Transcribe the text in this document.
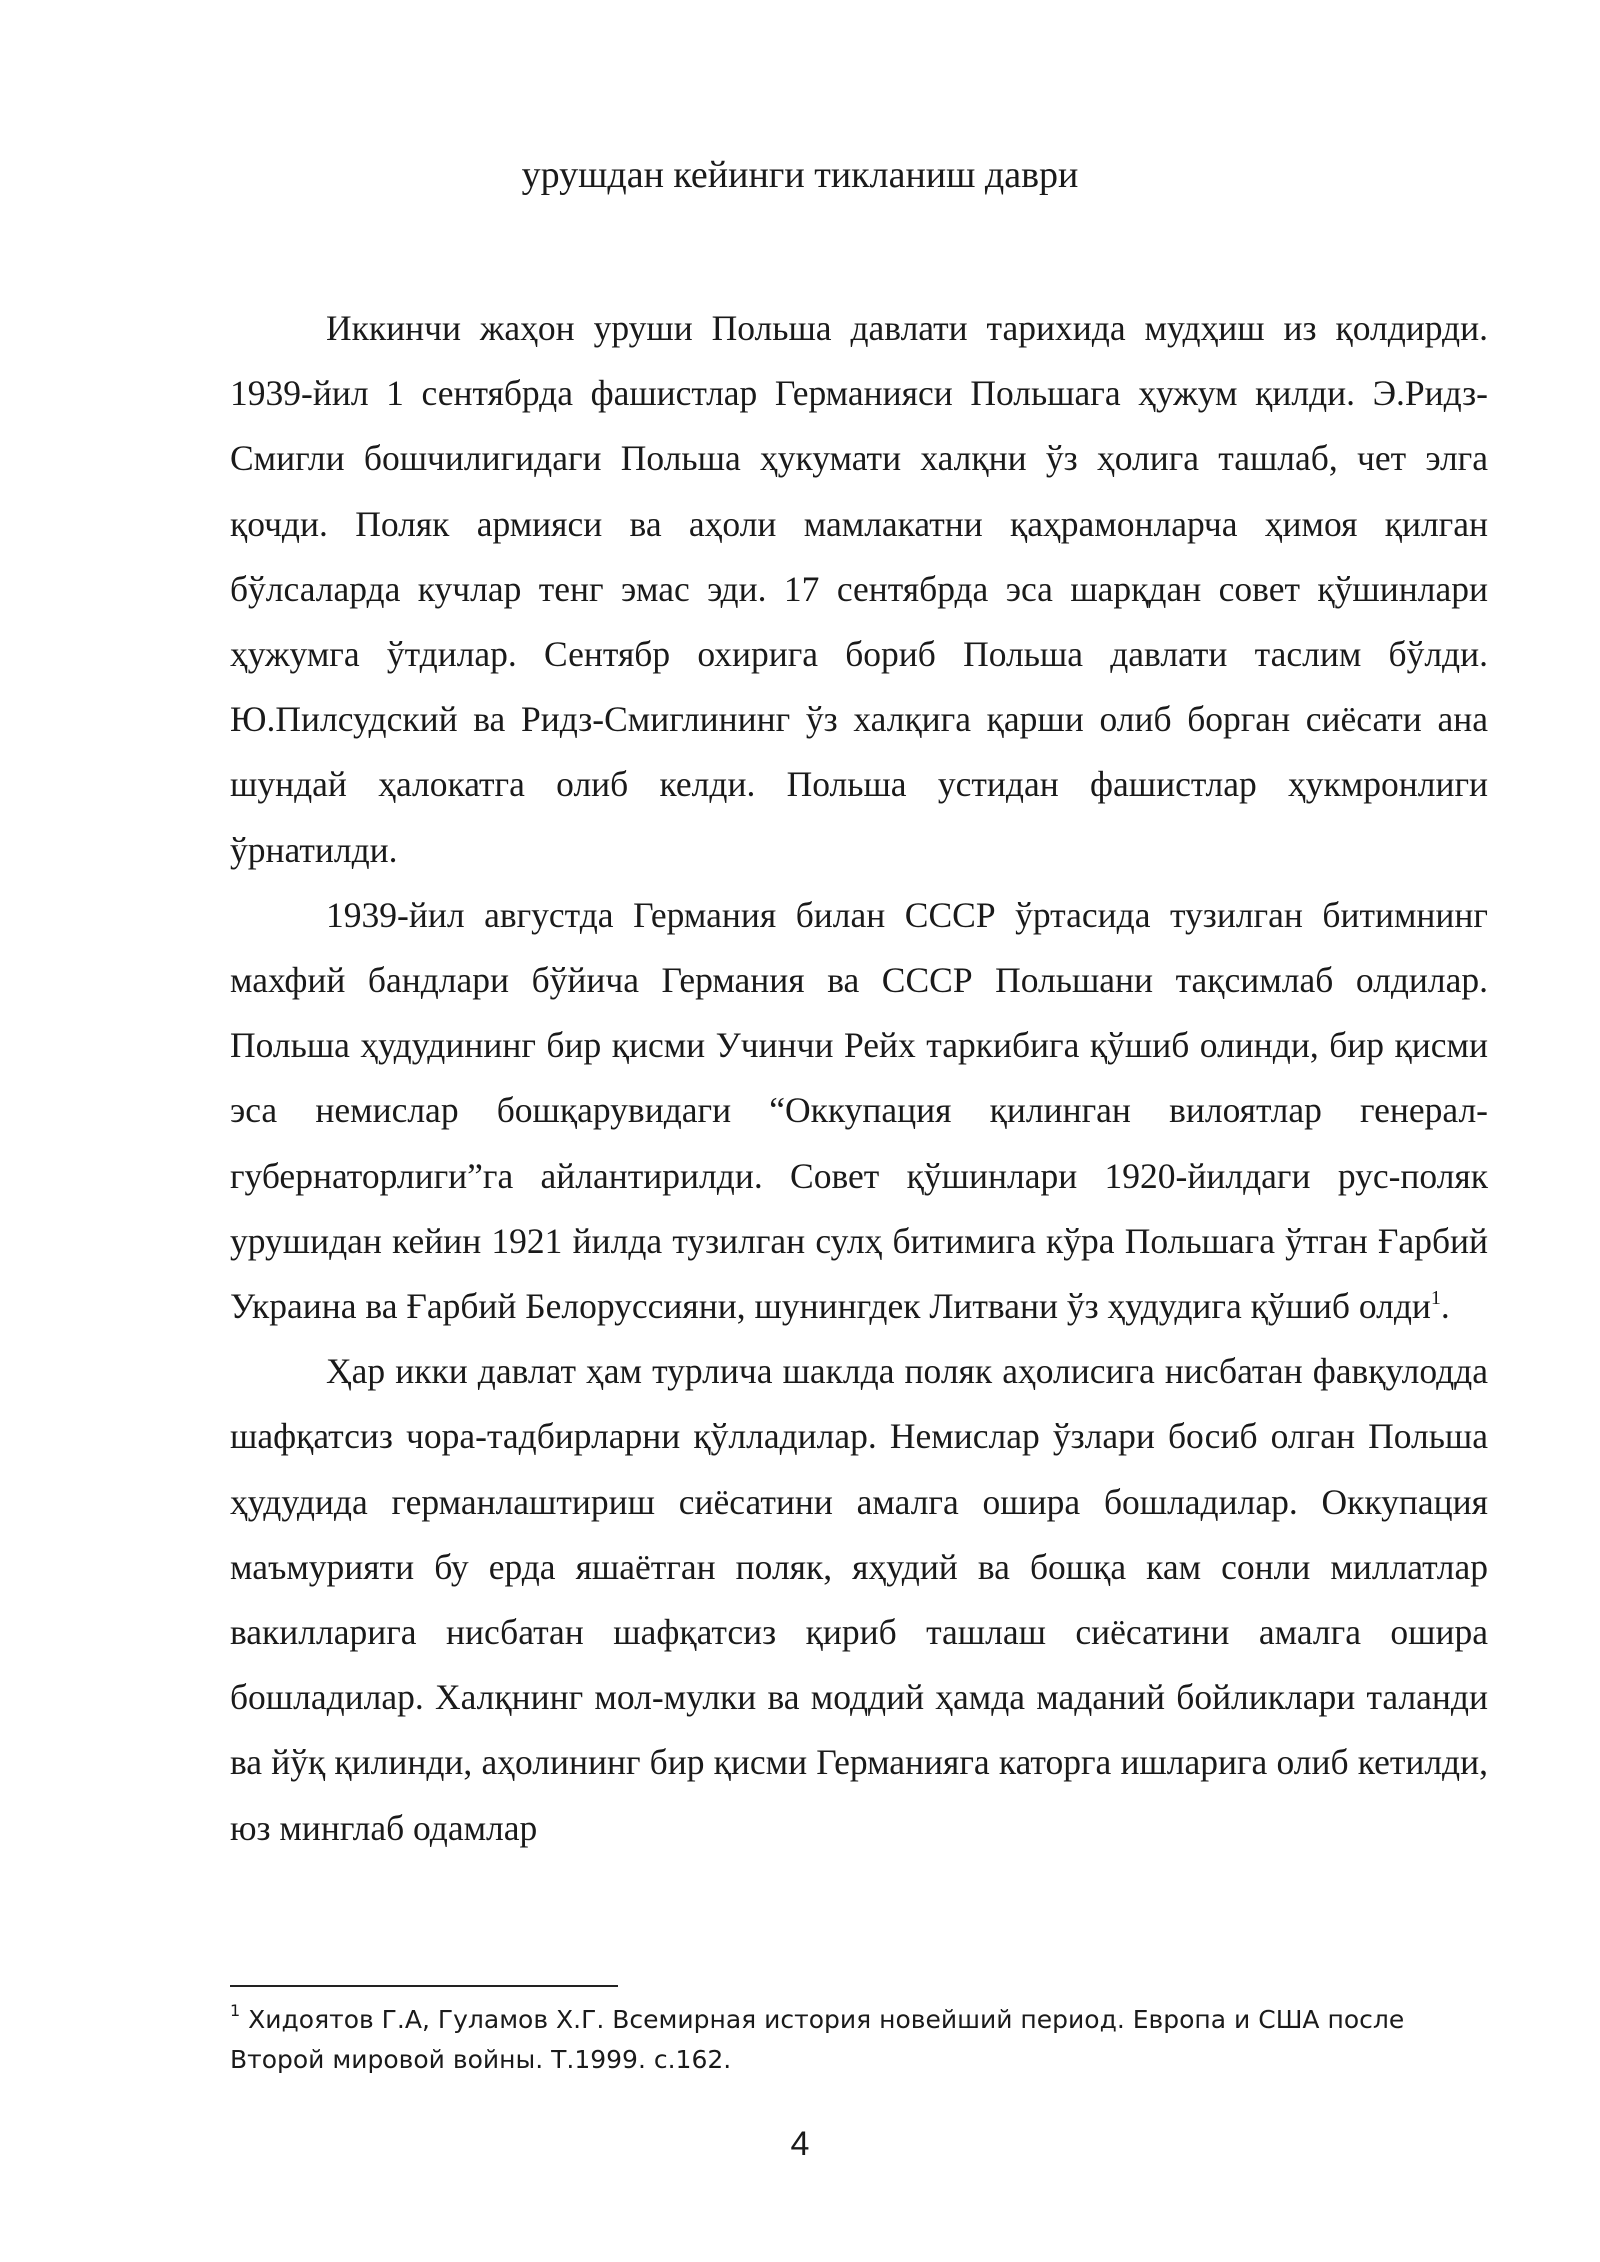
урушдан кейинги тикланиш даври

Иккинчи жаҳон уруши Польша давлати тарихида мудҳиш из қолдирди. 1939-йил 1 сентябрда фашистлар Германияси Польшага ҳужум қилди. Э.Ридз-Смигли бошчилигидаги Польша ҳукумати халқни ўз ҳолига ташлаб, чет элга қочди. Поляк армияси ва аҳоли мамлакатни қаҳрамонларча ҳимоя қилган бўлсаларда кучлар тенг эмас эди. 17 сентябрда эса шарқдан совет қўшинлари ҳужумга ўтдилар. Сентябр охирига бориб Польша давлати таслим бўлди. Ю.Пилсудский ва Ридз-Смиглининг ўз халқига қарши олиб борган сиёсати ана шундай ҳалокатга олиб келди. Польша устидан фашистлар ҳукмронлиги ўрнатилди.

1939-йил августда Германия билан СССР ўртасида тузилган битимнинг махфий бандлари бўйича Германия ва СССР Польшани тақсимлаб олдилар. Польша ҳудудининг бир қисми Учинчи Рейх таркибига қўшиб олинди, бир қисми эса немислар бошқарувидаги “Оккупация қилинган вилоятлар генерал-губернаторлиги”га айлантирилди. Совет қўшинлари 1920-йилдаги рус-поляк урушидан кейин 1921 йилда тузилган сулҳ битимига кўра Польшага ўтган Ғарбий Украина ва Ғарбий Белоруссияни, шунингдек Литвани ўз ҳудудига қўшиб олди$^1$.

Ҳар икки давлат ҳам турлича шаклда поляк аҳолисига нисбатан фавқулодда шафқатсиз чора-тадбирларни қўлладилар. Немислар ўзлари босиб олган Польша ҳудудида германлаштириш сиёсатини амалга ошира бошладилар. Оккупация маъмурияти бу ерда яшаётган поляк, яҳудий ва бошқа кам сонли миллатлар вакилларига нисбатан шафқатсиз қириб ташлаш сиёсатини амалга ошира бошладилар. Халқнинг мол-мулки ва моддий ҳамда маданий бойликлари таланди ва йўқ қилинди, аҳолининг бир қисми Германияга каторга ишларига олиб кетилди, юз минглаб одамлар

$^1$ Хидоятов Г.А, Гуламов Х.Г. Всемирная история новейший период. Европа и США после Второй мировой войны. Т.1999. с.162.
4
